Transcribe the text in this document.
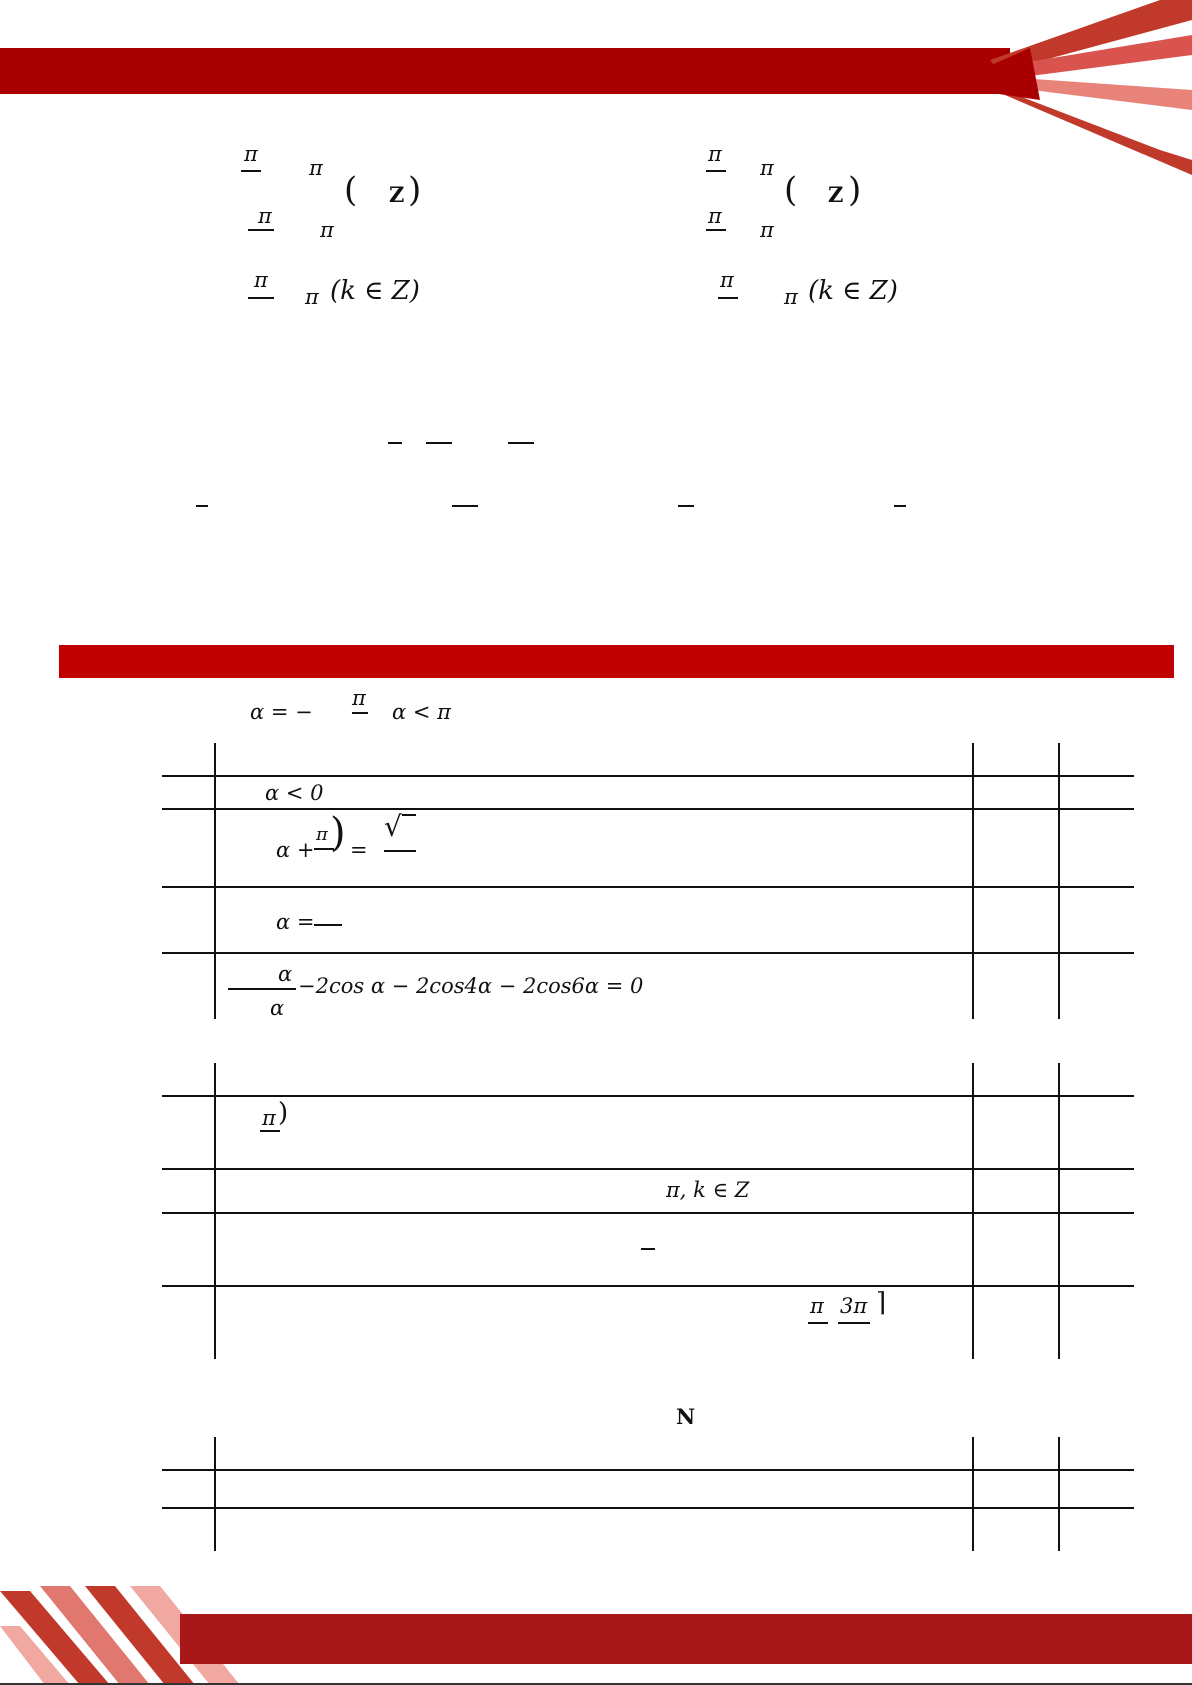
π
π
( Z )
π
π
π
π (k ∈ Z)
π
π
( Z )
π
π
π
π (k ∈ Z)
α = −
π
α < π
α < 0
α +
π ) =
√
α =
α
α
−2cos α − 2cos4α − 2cos6α = 0
π )
π, k ∈ Z
π 3π ⌉
N
